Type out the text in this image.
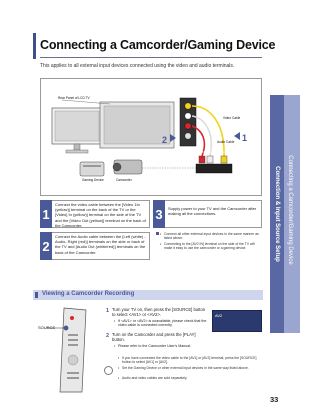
Connecting a Camcorder/Gaming Device
This applies to all external input devices connected using the video and audio terminals.
Connection & Input Source Setup Connecting a Camcorder/Gaming Device
Rear Panel of LCD TV
Video Cable
Audio Cable
Gaming Device	Camcorder
AUDIO OUT VIDEO OUT
1
2
1
Connect the video cable between the [Video 1In (yellow)] terminal on the back of the TV or the [Video] In (yellow)] terminal on the side of the TV and the [Video Out (yellow)] terminal on the back of the Camcorder.
2
Connect the Audio cable between the [Left (white) -Audio- Right (red)] terminals on the side or back of the TV and [Audio Out (white/red)] terminals on the back of the Camcorder.
3	Supply power to your TV and the Camcorder after making all the connections.
• Connect all other external input devices in the same manner as listed above.
• Connecting to the [AV2 IN] terminal on the side of the TV will make it easy to use the camcorder or a gaming device.
Viewing a Camcorder Recording
SOURCE
1 Turn your TV on, then press the [SOURCE] button to select <AV1> or <AV2>.
• If <AV1> or <AV2> is unavailable, please check that the video cable is connected correctly.
2 Turn on the Camcorder and press the [PLAY] button.
• Please refer to the Camcorder User's Manual.
AV2
• If you have connected the video cable to the [AV1] or [AV2] terminal, press the [SOURCE] button to select [AV1] or [AV2].
• Set the Gaming Device or other external input devices in the same way listed above.
• Audio and video cables are sold separately.
33
